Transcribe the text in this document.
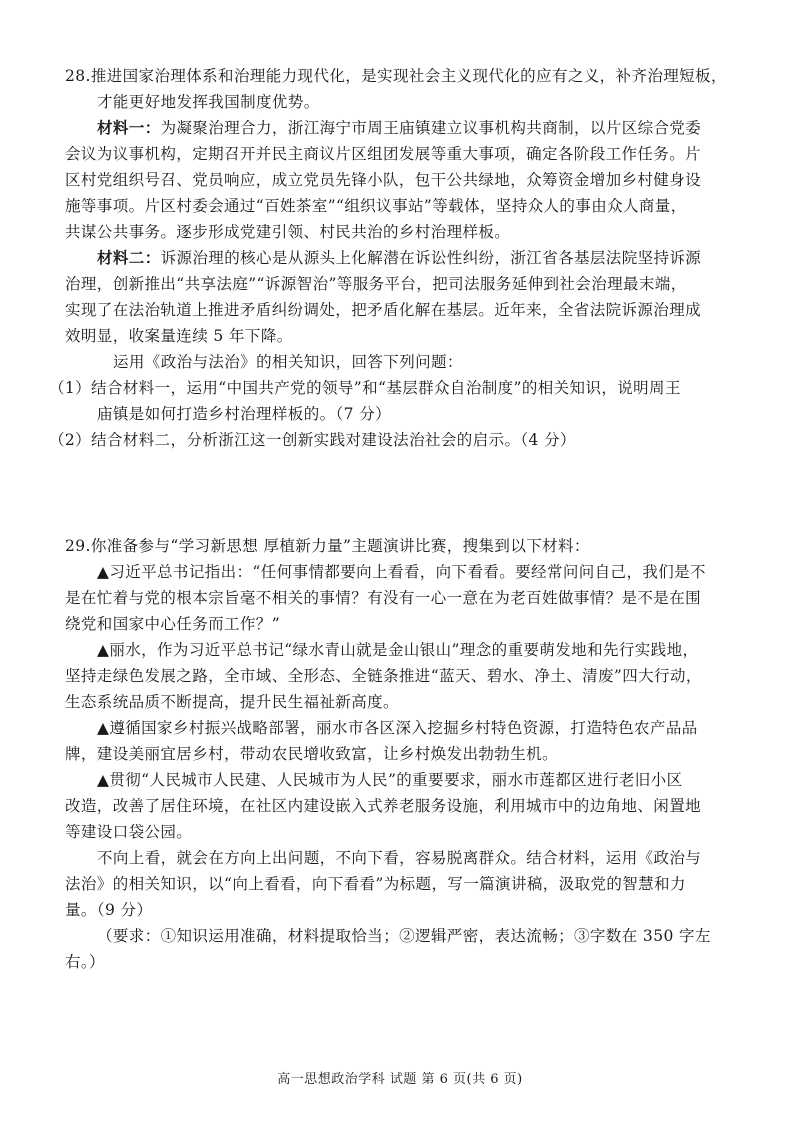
28.推进国家治理体系和治理能力现代化，是实现社会主义现代化的应有之义，补齐治理短板，
才能更好地发挥我国制度优势。
材料一：为凝聚治理合力，浙江海宁市周王庙镇建立议事机构共商制，以片区综合党委
会议为议事机构，定期召开并民主商议片区组团发展等重大事项，确定各阶段工作任务。片
区村党组织号召、党员响应，成立党员先锋小队，包干公共绿地，众筹资金增加乡村健身设
施等事项。片区村委会通过“百姓茶室”“组织议事站”等载体，坚持众人的事由众人商量，
共谋公共事务。逐步形成党建引领、村民共治的乡村治理样板。
材料二：诉源治理的核心是从源头上化解潜在诉讼性纠纷，浙江省各基层法院坚持诉源
治理，创新推出“共享法庭”“诉源智治”等服务平台，把司法服务延伸到社会治理最末端，
实现了在法治轨道上推进矛盾纠纷调处，把矛盾化解在基层。近年来，全省法院诉源治理成
效明显，收案量连续 5 年下降。
运用《政治与法治》的相关知识，回答下列问题：
（1）结合材料一，运用“中国共产党的领导”和“基层群众自治制度”的相关知识，说明周王
庙镇是如何打造乡村治理样板的。（7 分）
（2）结合材料二，分析浙江这一创新实践对建设法治社会的启示。（4 分）
29.你准备参与“学习新思想 厚植新力量”主题演讲比赛，搜集到以下材料：
▲习近平总书记指出：“任何事情都要向上看看，向下看看。要经常问问自己，我们是不
是在忙着与党的根本宗旨毫不相关的事情？有没有一心一意在为老百姓做事情？是不是在围
绕党和国家中心任务而工作？”
▲丽水，作为习近平总书记“绿水青山就是金山银山”理念的重要萌发地和先行实践地，
坚持走绿色发展之路，全市域、全形态、全链条推进“蓝天、碧水、净土、清废”四大行动，
生态系统品质不断提高，提升民生福祉新高度。
▲遵循国家乡村振兴战略部署，丽水市各区深入挖掘乡村特色资源，打造特色农产品品
牌，建设美丽宜居乡村，带动农民增收致富，让乡村焕发出勃勃生机。
▲贯彻“人民城市人民建、人民城市为人民”的重要要求，丽水市莲都区进行老旧小区
改造，改善了居住环境，在社区内建设嵌入式养老服务设施，利用城市中的边角地、闲置地
等建设口袋公园。
不向上看，就会在方向上出问题，不向下看，容易脱离群众。结合材料，运用《政治与
法治》的相关知识，以“向上看看，向下看看”为标题，写一篇演讲稿，汲取党的智慧和力
量。（9 分）
（要求：①知识运用准确，材料提取恰当；②逻辑严密，表达流畅；③字数在 350 字左
右。）
高一思想政治学科 试题 第 6 页(共 6 页)
